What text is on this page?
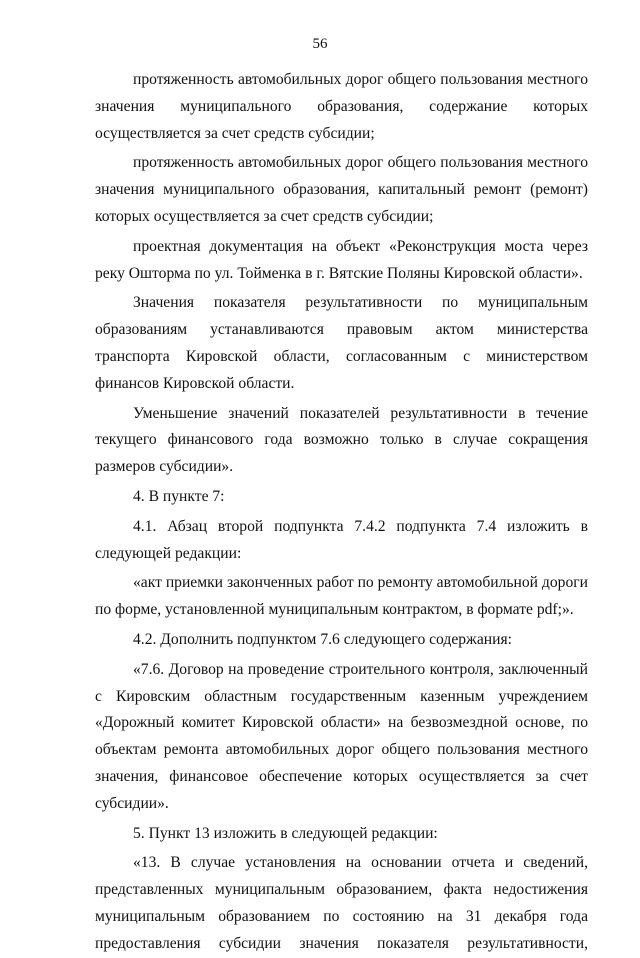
56

протяженность автомобильных дорог общего пользования местного значения муниципального образования, содержание которых осуществляется за счет средств субсидии;

протяженность автомобильных дорог общего пользования местного значения муниципального образования, капитальный ремонт (ремонт) которых осуществляется за счет средств субсидии;

проектная документация на объект «Реконструкция моста через реку Ошторма по ул. Тойменка в г. Вятские Поляны Кировской области».

Значения показателя результативности по муниципальным образованиям устанавливаются правовым актом министерства транспорта Кировской области, согласованным с министерством финансов Кировской области.

Уменьшение значений показателей результативности в течение текущего финансового года возможно только в случае сокращения размеров субсидии».

4. В пункте 7:

4.1. Абзац второй подпункта 7.4.2 подпункта 7.4 изложить в следующей редакции:

«акт приемки законченных работ по ремонту автомобильной дороги по форме, установленной муниципальным контрактом, в формате pdf;».

4.2. Дополнить подпунктом 7.6 следующего содержания:

«7.6. Договор на проведение строительного контроля, заключенный с Кировским областным государственным казенным учреждением «Дорожный комитет Кировской области» на безвозмездной основе, по объектам ремонта автомобильных дорог общего пользования местного значения, финансовое обеспечение которых осуществляется за счет субсидии».

5. Пункт 13 изложить в следующей редакции:

«13. В случае установления на основании отчета и сведений, представленных муниципальным образованием, факта недостижения муниципальным образованием по состоянию на 31 декабря года предоставления субсидии значения показателя результативности,
